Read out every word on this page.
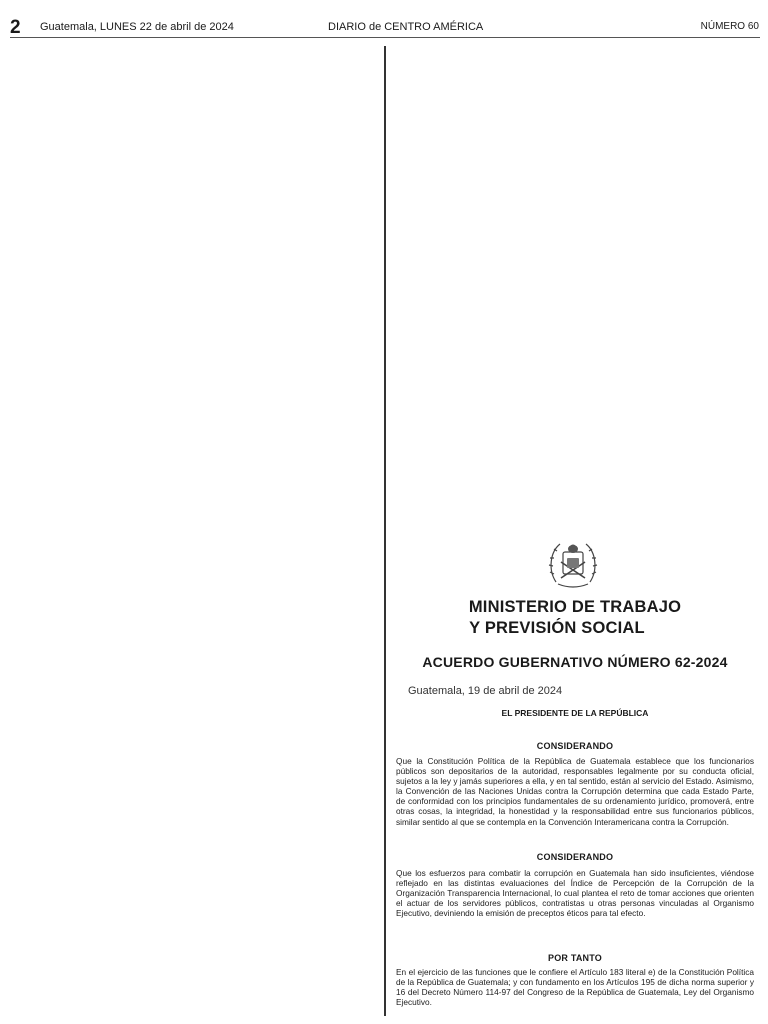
2 Guatemala, LUNES 22 de abril de 2024	DIARIO de CENTRO AMÉRICA	NÚMERO 60
MINISTERIO DE TRABAJO
Y PREVISIÓN SOCIAL
ACUERDO GUBERNATIVO NÚMERO 62-2024
Guatemala, 19 de abril de 2024
EL PRESIDENTE DE LA REPÚBLICA
CONSIDERANDO
Que la Constitución Política de la República de Guatemala establece que los funcionarios públicos son depositarios de la autoridad, responsables legalmente por su conducta oficial, sujetos a la ley y jamás superiores a ella, y en tal sentido, están al servicio del Estado. Asimismo, la Convención de las Naciones Unidas contra la Corrupción determina que cada Estado Parte, de conformidad con los principios fundamentales de su ordenamiento jurídico, promoverá, entre otras cosas, la integridad, la honestidad y la responsabilidad entre sus funcionarios públicos, similar sentido al que se contempla en la Convención Interamericana contra la Corrupción.
CONSIDERANDO
Que los esfuerzos para combatir la corrupción en Guatemala han sido insuficientes, viéndose reflejado en las distintas evaluaciones del Índice de Percepción de la Corrupción de la Organización Transparencia Internacional, lo cual plantea el reto de tomar acciones que orienten el actuar de los servidores públicos, contratistas u otras personas vinculadas al Organismo Ejecutivo, deviniendo la emisión de preceptos éticos para tal efecto.
POR TANTO
En el ejercicio de las funciones que le confiere el Artículo 183 literal e) de la Constitución Política de la República de Guatemala; y con fundamento en los Artículos 195 de dicha norma superior y 16 del Decreto Número 114-97 del Congreso de la República de Guatemala, Ley del Organismo Ejecutivo.
